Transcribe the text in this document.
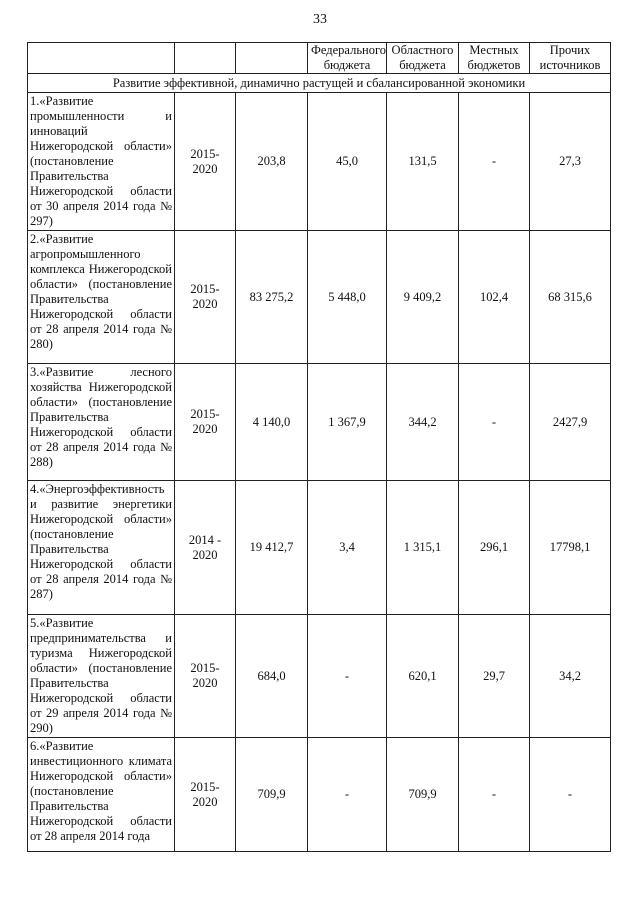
33
			Федерального бюджета	Областного бюджета	Местных бюджетов	Прочих источников
Развитие эффективной, динамично растущей и сбалансированной экономики						
1.«Развитие промышленности и инноваций Нижегородской области» (постановление Правительства Нижегородской области от 30 апреля 2014 года № 297)	2015-2020	203,8	45,0	131,5	-	27,3
2.«Развитие агропромышленного комплекса Нижегородской области» (постановление Правительства Нижегородской области от 28 апреля 2014 года № 280)	2015-2020	83 275,2	5 448,0	9 409,2	102,4	68 315,6
3.«Развитие лесного хозяйства Нижегородской области» (постановление Правительства Нижегородской области от 28 апреля 2014 года № 288)	2015-2020	4 140,0	1 367,9	344,2	-	2427,9
4.«Энергоэффективность и развитие энергетики Нижегородской области» (постановление Правительства Нижегородской области от 28 апреля 2014 года № 287)	2014 - 2020	19 412,7	3,4	1 315,1	296,1	17798,1
5.«Развитие предпринимательства и туризма Нижегородской области» (постановление Правительства Нижегородской области от 29 апреля 2014 года № 290)	2015-2020	684,0	-	620,1	29,7	34,2
6.«Развитие инвестиционного климата Нижегородской области» (постановление Правительства Нижегородской области от 28 апреля 2014 года	2015-2020	709,9	-	709,9	-	-
